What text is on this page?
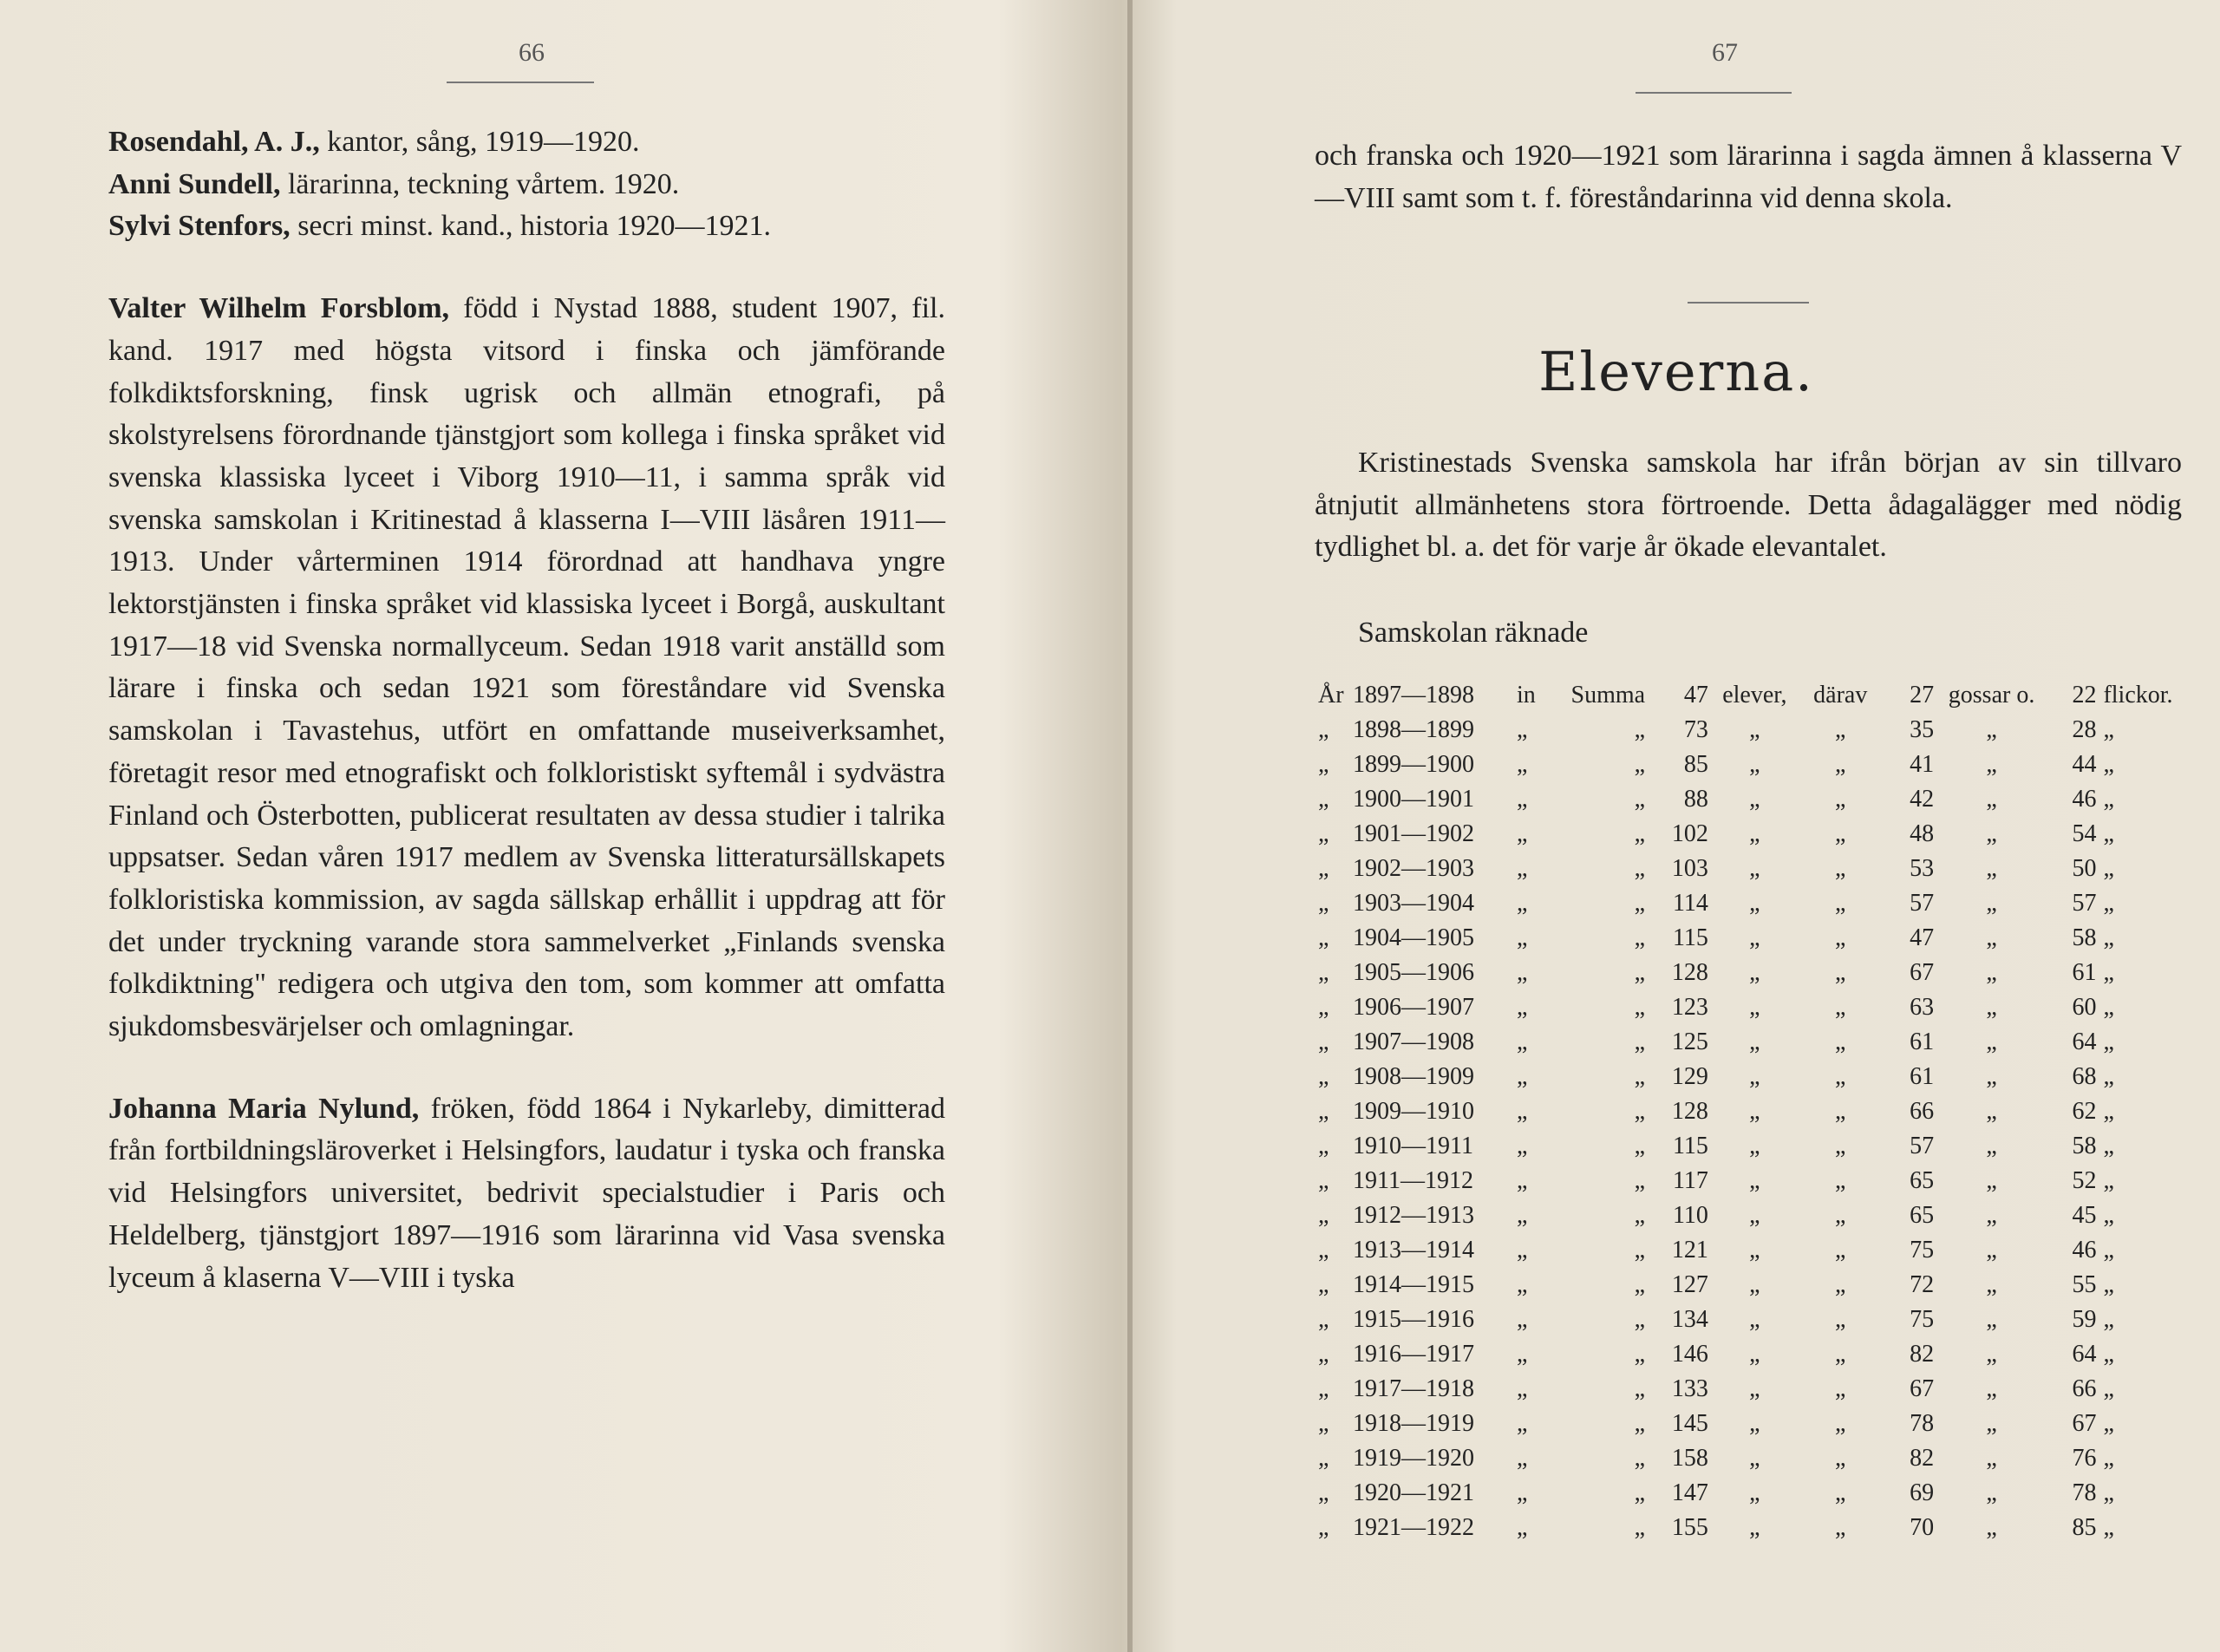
66

Rosendahl, A. J., kantor, sång, 1919—1920.

Anni Sundell, lärarinna, teckning vårtem. 1920.

Sylvi Stenfors, secri minst. kand., historia 1920—1921.

Valter Wilhelm Forsblom, född i Nystad 1888, student 1907, fil. kand. 1917 med högsta vitsord i finska och jämförande folkdiktsforskning, finsk ugrisk och allmän etnografi, på skolstyrelsens förordnande tjänstgjort som kollega i finska språket vid svenska klassiska lyceet i Viborg 1910—11, i samma språk vid svenska samskolan i Kritinestad å klasserna I—VIII läsåren 1911—1913. Under vårterminen 1914 förordnad att handhava yngre lektorstjänsten i finska språket vid klassiska lyceet i Borgå, auskultant 1917—18 vid Svenska normallyceum. Sedan 1918 varit anställd som lärare i finska och sedan 1921 som föreståndare vid Svenska samskolan i Tavastehus, utfört en omfattande museiverksamhet, företagit resor med etnografiskt och folkloristiskt syftemål i sydvästra Finland och Österbotten, publicerat resultaten av dessa studier i talrika uppsatser. Sedan våren 1917 medlem av Svenska litteratursällskapets folkloristiska kommission, av sagda sällskap erhållit i uppdrag att för det under tryckning varande stora sammelverket „Finlands svenska folkdiktning" redigera och utgiva den tom, som kommer att omfatta sjukdomsbesvärjelser och omlagningar.

Johanna Maria Nylund, fröken, född 1864 i Nykarleby, dimitterad från fortbildningsläroverket i Helsingfors, laudatur i tyska och franska vid Helsingfors universitet, bedrivit specialstudier i Paris och Heldelberg, tjänstgjort 1897—1916 som lärarinna vid Vasa svenska lyceum å klaserna V—VIII i tyska

67
och franska och 1920—1921 som lärarinna i sagda ämnen å klasserna V—VIII samt som t. f. föreståndarinna vid denna skola.
Eleverna.
Kristinestads Svenska samskola har ifrån början av sin tillvaro åtnjutit allmänhetens stora förtroende. Detta ådagalägger med nödig tydlighet bl. a. det för varje år ökade elevantalet.
Samskolan räknade
År 1897—1898	in	Summa	47	elever,	därav	27	gossar o.	22	flickor.
„ 1898—1899	„	„	73	„	„	35	„	28	„
„ 1899—1900	„	„	85	„	„	41	„	44	„
„ 1900—1901	„	„	88	„	„	42	„	46	„
„ 1901—1902	„	„	102	„	„	48	„	54	„
„ 1902—1903	„	„	103	„	„	53	„	50	„
„ 1903—1904	„	„	114	„	„	57	„	57	„
„ 1904—1905	„	„	115	„	„	47	„	58	„
„ 1905—1906	„	„	128	„	„	67	„	61	„
„ 1906—1907	„	„	123	„	„	63	„	60	„
„ 1907—1908	„	„	125	„	„	61	„	64	„
„ 1908—1909	„	„	129	„	„	61	„	68	„
„ 1909—1910	„	„	128	„	„	66	„	62	„
„ 1910—1911	„	„	115	„	„	57	„	58	„
„ 1911—1912	„	„	117	„	„	65	„	52	„
„ 1912—1913	„	„	110	„	„	65	„	45	„
„ 1913—1914	„	„	121	„	„	75	„	46	„
„ 1914—1915	„	„	127	„	„	72	„	55	„
„ 1915—1916	„	„	134	„	„	75	„	59	„
„ 1916—1917	„	„	146	„	„	82	„	64	„
„ 1917—1918	„	„	133	„	„	67	„	66	„
„ 1918—1919	„	„	145	„	„	78	„	67	„
„ 1919—1920	„	„	158	„	„	82	„	76	„
„ 1920—1921	„	„	147	„	„	69	„	78	„
„ 1921—1922	„	„	155	„	„	70	„	85	„
